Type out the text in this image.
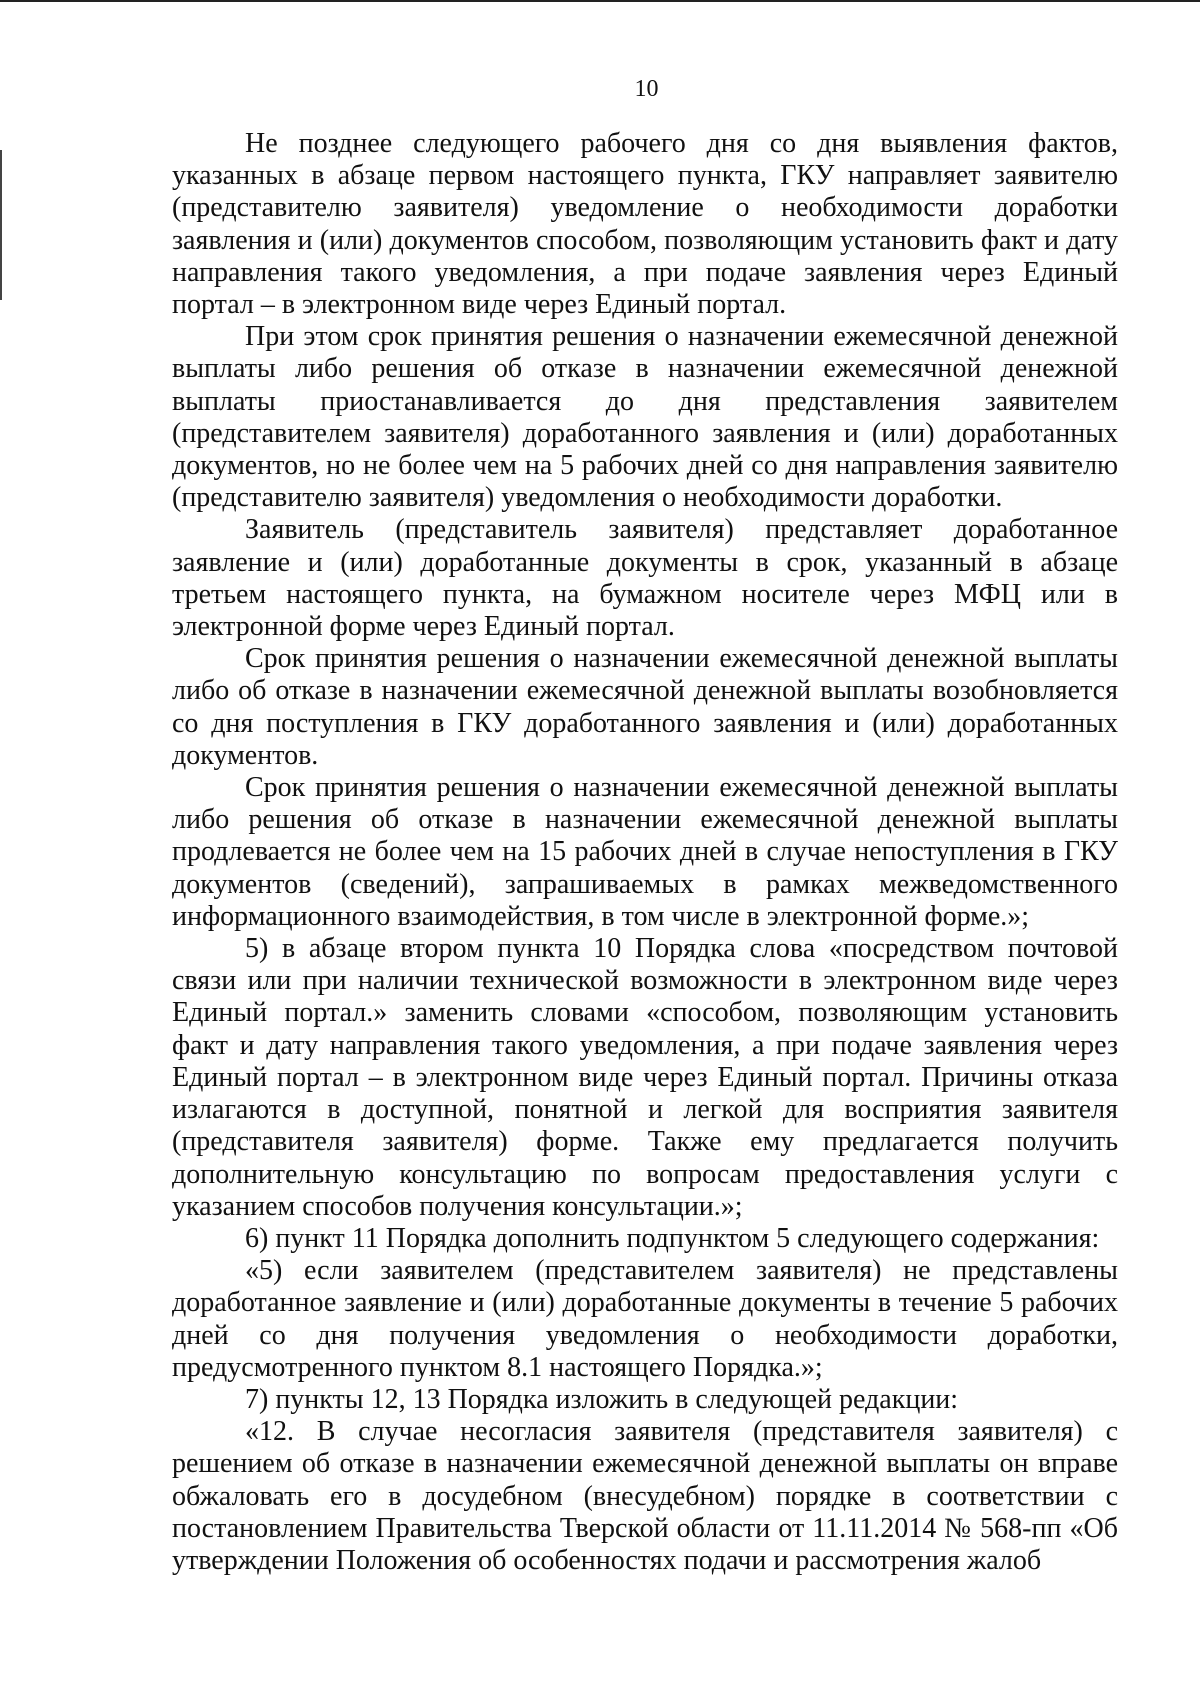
10

Не позднее следующего рабочего дня со дня выявления фактов, указанных в абзаце первом настоящего пункта, ГКУ направляет заявителю (представителю заявителя) уведомление о необходимости доработки заявления и (или) документов способом, позволяющим установить факт и дату направления такого уведомления, а при подаче заявления через Единый портал – в электронном виде через Единый портал.

При этом срок принятия решения о назначении ежемесячной денежной выплаты либо решения об отказе в назначении ежемесячной денежной выплаты приостанавливается до дня представления заявителем (представителем заявителя) доработанного заявления и (или) доработанных документов, но не более чем на 5 рабочих дней со дня направления заявителю (представителю заявителя) уведомления о необходимости доработки.

Заявитель (представитель заявителя) представляет доработанное заявление и (или) доработанные документы в срок, указанный в абзаце третьем настоящего пункта, на бумажном носителе через МФЦ или в электронной форме через Единый портал.

Срок принятия решения о назначении ежемесячной денежной выплаты либо об отказе в назначении ежемесячной денежной выплаты возобновляется со дня поступления в ГКУ доработанного заявления и (или) доработанных документов.

Срок принятия решения о назначении ежемесячной денежной выплаты либо решения об отказе в назначении ежемесячной денежной выплаты продлевается не более чем на 15 рабочих дней в случае непоступления в ГКУ документов (сведений), запрашиваемых в рамках межведомственного информационного взаимодействия, в том числе в электронной форме.»;

5) в абзаце втором пункта 10 Порядка слова «посредством почтовой связи или при наличии технической возможности в электронном виде через Единый портал.» заменить словами «способом, позволяющим установить факт и дату направления такого уведомления, а при подаче заявления через Единый портал – в электронном виде через Единый портал. Причины отказа излагаются в доступной, понятной и легкой для восприятия заявителя (представителя заявителя) форме. Также ему предлагается получить дополнительную консультацию по вопросам предоставления услуги с указанием способов получения консультации.»;

6) пункт 11 Порядка дополнить подпунктом 5 следующего содержания:

«5) если заявителем (представителем заявителя) не представлены доработанное заявление и (или) доработанные документы в течение 5 рабочих дней со дня получения уведомления о необходимости доработки, предусмотренного пунктом 8.1 настоящего Порядка.»;

7) пункты 12, 13 Порядка изложить в следующей редакции:

«12. В случае несогласия заявителя (представителя заявителя) с решением об отказе в назначении ежемесячной денежной выплаты он вправе обжаловать его в досудебном (внесудебном) порядке в соответствии с постановлением Правительства Тверской области от 11.11.2014 № 568-пп «Об утверждении Положения об особенностях подачи и рассмотрения жалоб
